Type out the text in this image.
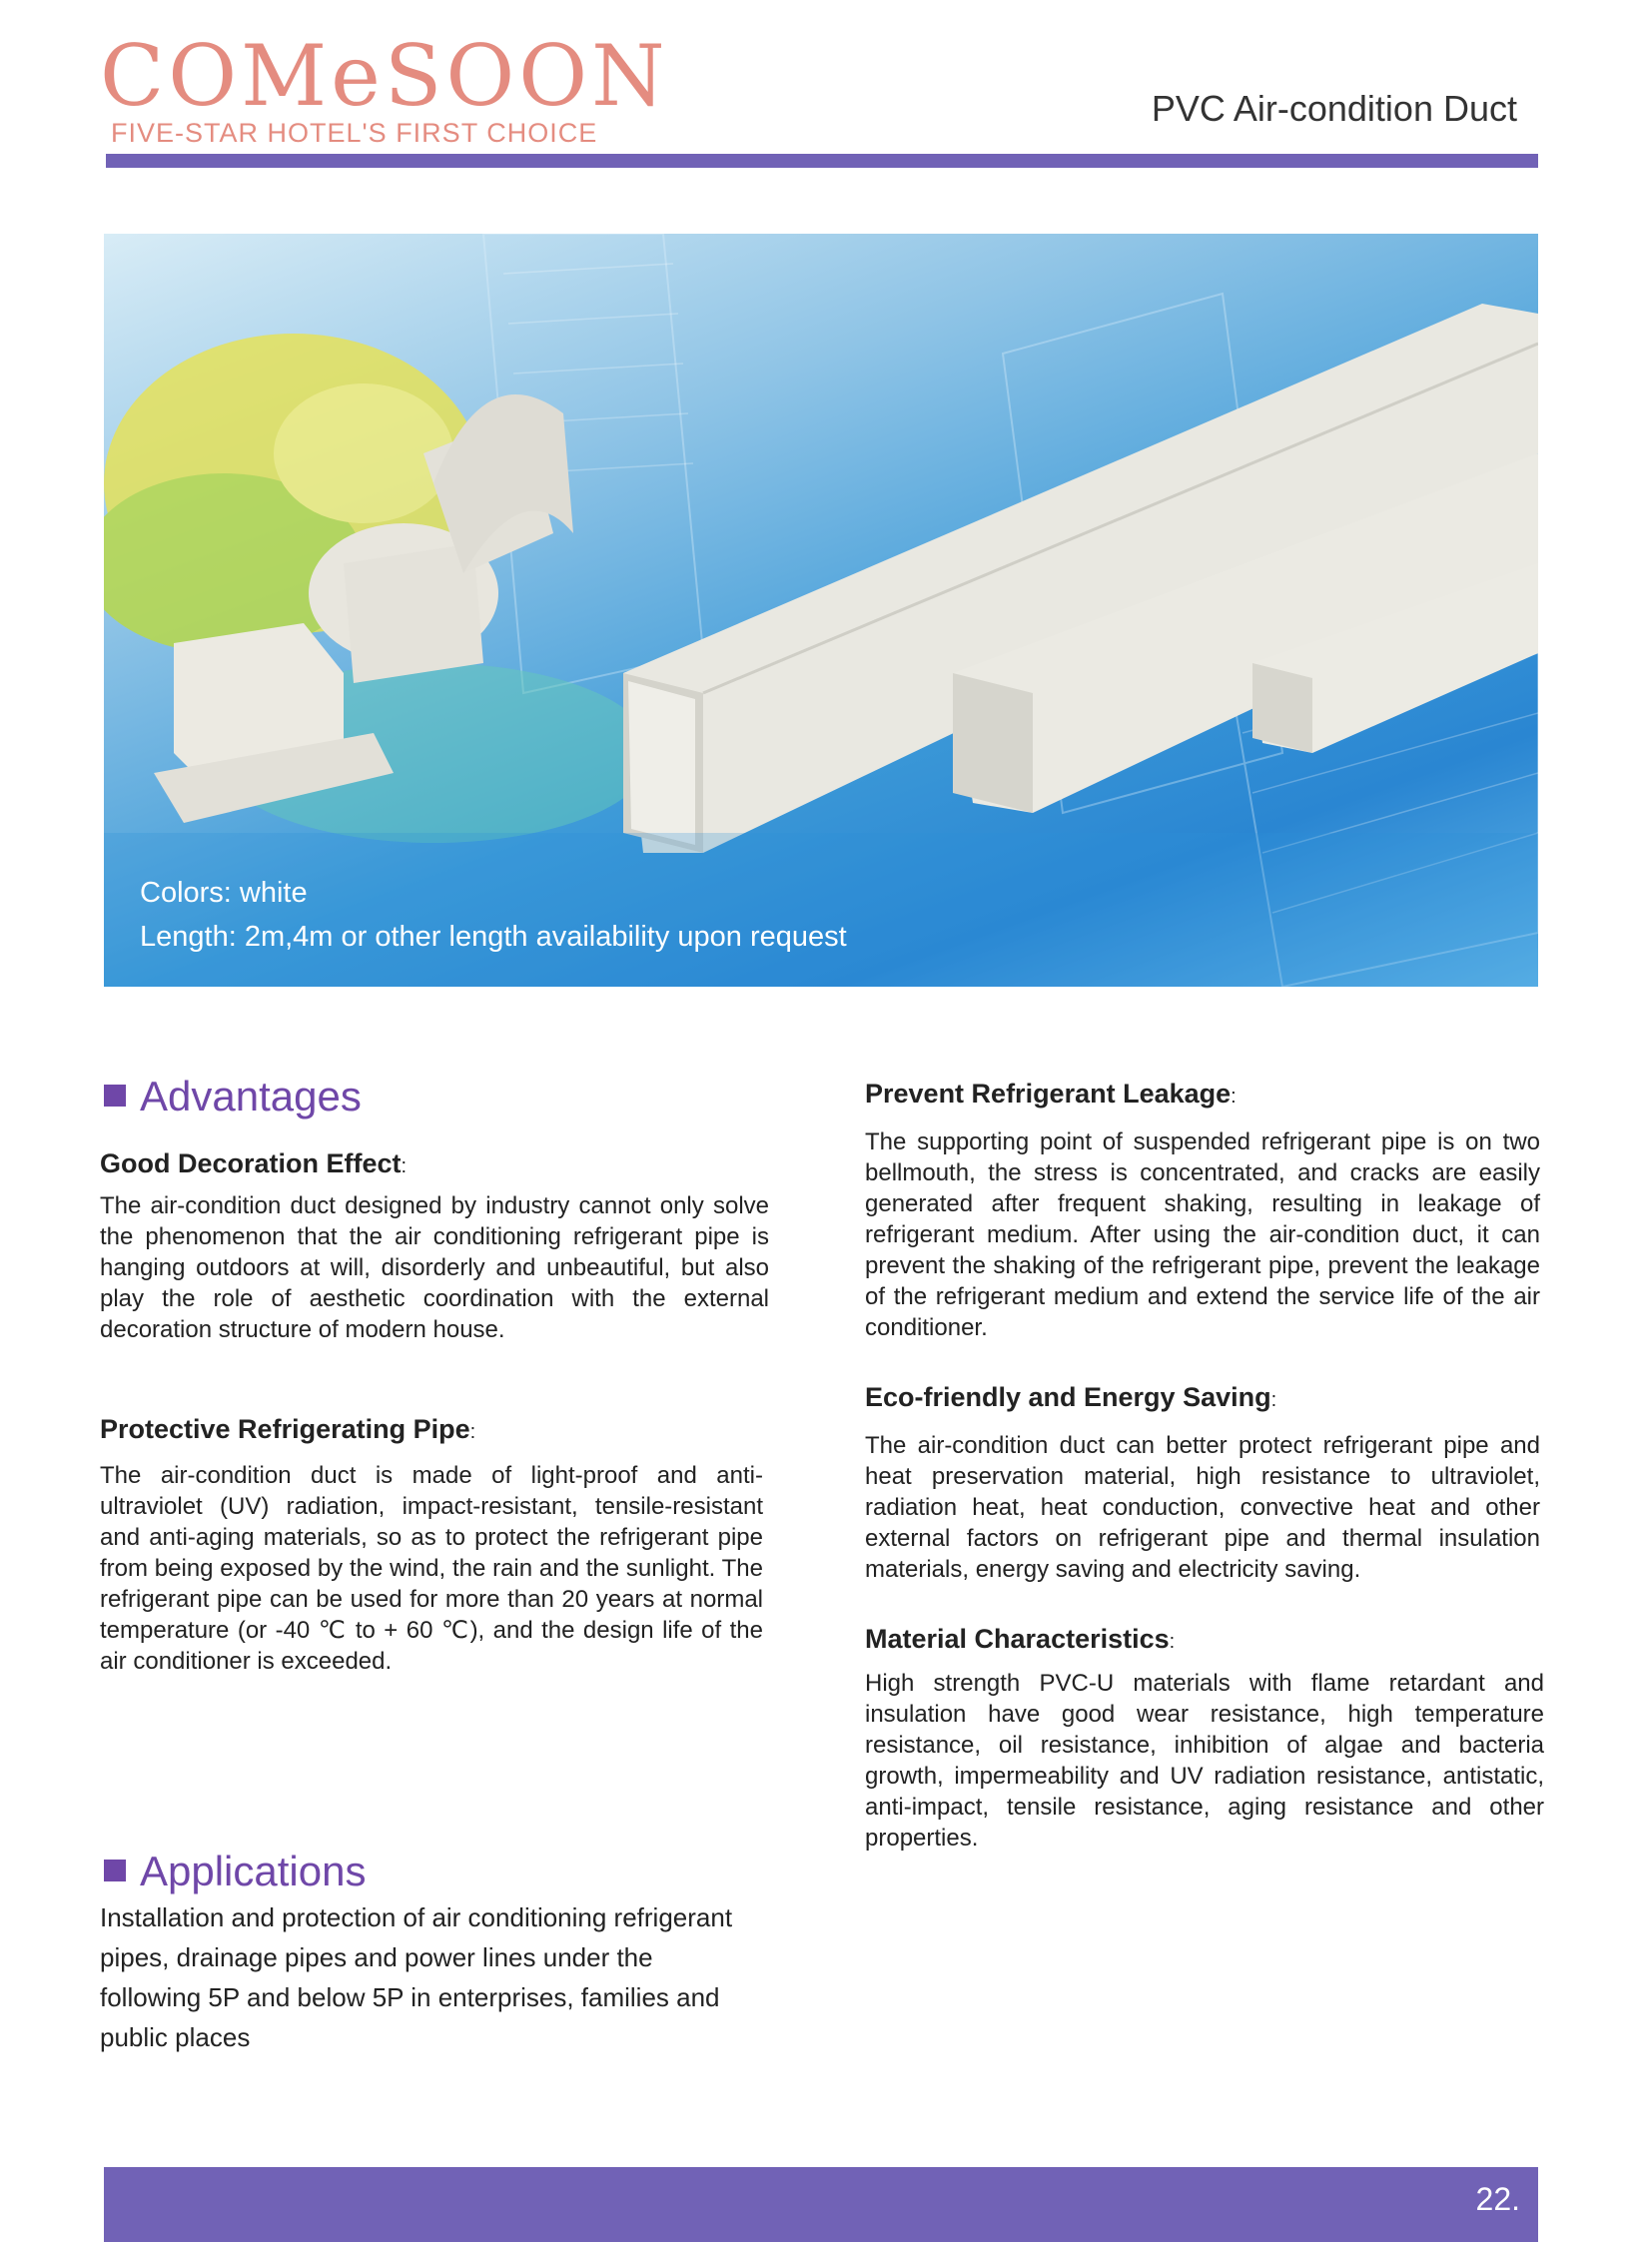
COMeSOON
FIVE-STAR HOTEL'S FIRST CHOICE
PVC Air-condition Duct
Colors: white
Length: 2m,4m or other length availability upon request
Advantages
Good Decoration Effect:
The air-condition duct designed by industry cannot only solve the phenomenon that the air conditioning refrigerant pipe is hanging outdoors at will, disorderly and unbeautiful, but also play the role of aesthetic coordination with the external decoration structure of modern house.
Protective Refrigerating Pipe:
The air-condition duct is made of light-proof and anti-ultraviolet (UV) radiation, impact-resistant, tensile-resistant and anti-aging materials, so as to protect the refrigerant pipe from being exposed by the wind, the rain and the sunlight. The refrigerant pipe can be used for more than 20 years at normal temperature (or -40 ℃ to + 60 ℃), and the design life of the air conditioner is exceeded.
Applications
Installation and protection of air conditioning refrigerant pipes, drainage pipes and power lines under the following 5P and below 5P in enterprises, families and public places
Prevent Refrigerant Leakage:
The supporting point of suspended refrigerant pipe is on two bellmouth, the stress is concentrated, and cracks are easily generated after frequent shaking, resulting in leakage of refrigerant medium. After using the air-condition duct, it can prevent the shaking of the refrigerant pipe, prevent the leakage of the refrigerant medium and extend the service life of the air conditioner.
Eco-friendly and Energy Saving:
The air-condition duct can better protect refrigerant pipe and heat preservation material, high resistance to ultraviolet, radiation heat, heat conduction, convective heat and other external factors on refrigerant pipe and thermal insulation materials, energy saving and electricity saving.
Material Characteristics:
High strength PVC-U materials with flame retardant and insulation have good wear resistance, high temperature resistance, oil resistance, inhibition of algae and bacteria growth, impermeability and UV radiation resistance, antistatic, anti-impact, tensile resistance, aging resistance and other properties.
22.
